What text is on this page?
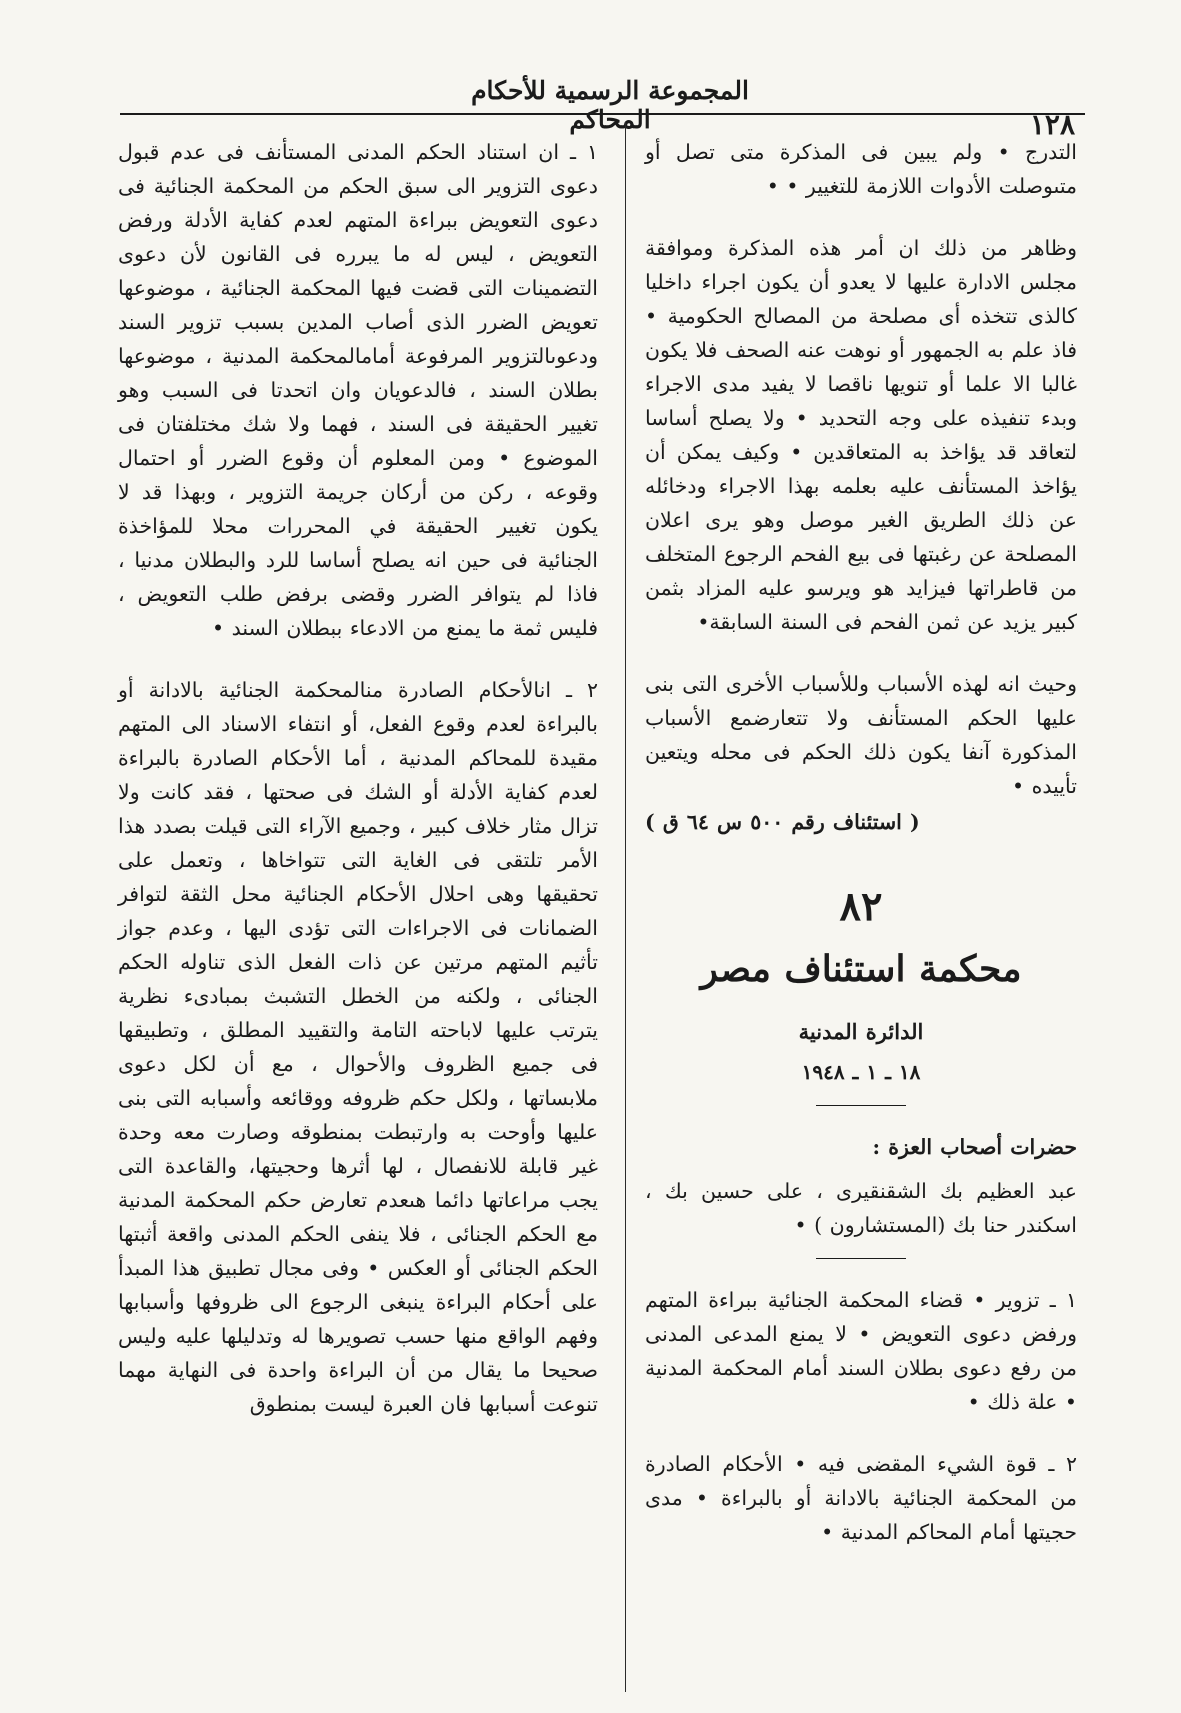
المجموعة الرسمية للأحكام المحاكم	١٢٨

التدرج • ولم يبين فى المذكرة متى تصل أو متىوصلت الأدوات اللازمة للتغيير • •

وظاهر من ذلك ان أمر هذه المذكرة وموافقة مجلس الادارة عليها لا يعدو أن يكون اجراء داخليا كالذى تتخذه أى مصلحة من المصالح الحكومية • فاذ علم به الجمهور أو نوهت عنه الصحف فلا يكون غالبا الا علما أو تنويها ناقصا لا يفيد مدى الاجراء وبدء تنفيذه على وجه التحديد • ولا يصلح أساسا لتعاقد قد يؤاخذ به المتعاقدين • وكيف يمكن أن يؤاخذ المستأنف عليه بعلمه بهذا الاجراء ودخائله عن ذلك الطريق الغير موصل وهو يرى اعلان المصلحة عن رغبتها فى بيع الفحم الرجوع المتخلف من قاطراتها فيزايد هو ويرسو عليه المزاد بثمن كبير يزيد عن ثمن الفحم فى السنة السابقة•

وحيث انه لهذه الأسباب وللأسباب الأخرى التى بنى عليها الحكم المستأنف ولا تتعارضمع الأسباب المذكورة آنفا يكون ذلك الحكم فى محله ويتعين تأييده •

( استئناف رقم ٥٠٠ س ٦٤ ق )

٨٢
محكمة استئناف مصر
الدائرة المدنية
١٨ ـ ١ ـ ١٩٤٨

حضرات أصحاب العزة :

عبد العظيم بك الشقنقيرى ، على حسين بك ، اسكندر حنا بك (المستشارون ) •

١ ـ تزوير • قضاء المحكمة الجنائية ببراءة المتهم ورفض دعوى التعويض • لا يمنع المدعى المدنى من رفع دعوى بطلان السند أمام المحكمة المدنية • علة ذلك •

٢ ـ قوة الشيء المقضى فيه • الأحكام الصادرة من المحكمة الجنائية بالادانة أو بالبراءة • مدى حجيتها أمام المحاكم المدنية •

١ ـ ان استناد الحكم المدنى المستأنف فى عدم قبول دعوى التزوير الى سبق الحكم من المحكمة الجنائية فى دعوى التعويض ببراءة المتهم لعدم كفاية الأدلة ورفض التعويض ، ليس له ما يبرره فى القانون لأن دعوى التضمينات التى قضت فيها المحكمة الجنائية ، موضوعها تعويض الضرر الذى أصاب المدين بسبب تزوير السند ودعوىالتزوير المرفوعة أمامالمحكمة المدنية ، موضوعها بطلان السند ، فالدعويان وان اتحدتا فى السبب وهو تغيير الحقيقة فى السند ، فهما ولا شك مختلفتان فى الموضوع • ومن المعلوم أن وقوع الضرر أو احتمال وقوعه ، ركن من أركان جريمة التزوير ، وبهذا قد لا يكون تغيير الحقيقة في المحررات محلا للمؤاخذة الجنائية فى حين انه يصلح أساسا للرد والبطلان مدنيا ، فاذا لم يتوافر الضرر وقضى برفض طلب التعويض ، فليس ثمة ما يمنع من الادعاء ببطلان السند •

٢ ـ انالأحكام الصادرة منالمحكمة الجنائية بالادانة أو بالبراءة لعدم وقوع الفعل، أو انتفاء الاسناد الى المتهم مقيدة للمحاكم المدنية ، أما الأحكام الصادرة بالبراءة لعدم كفاية الأدلة أو الشك فى صحتها ، فقد كانت ولا تزال مثار خلاف كبير ، وجميع الآراء التى قيلت بصدد هذا الأمر تلتقى فى الغاية التى تتواخاها ، وتعمل على تحقيقها وهى احلال الأحكام الجنائية محل الثقة لتوافر الضمانات فى الاجراءات التى تؤدى اليها ، وعدم جواز تأثيم المتهم مرتين عن ذات الفعل الذى تناوله الحكم الجنائى ، ولكنه من الخطل التشبث بمبادىء نظرية يترتب عليها لاباحته التامة والتقييد المطلق ، وتطبيقها فى جميع الظروف والأحوال ، مع أن لكل دعوى ملابساتها ، ولكل حكم ظروفه ووقائعه وأسبابه التى بنى عليها وأوحت به وارتبطت بمنطوقه وصارت معه وحدة غير قابلة للانفصال ، لها أثرها وحجيتها، والقاعدة التى يجب مراعاتها دائما هىعدم تعارض حكم المحكمة المدنية مع الحكم الجنائى ، فلا ينفى الحكم المدنى واقعة أثبتها الحكم الجنائى أو العكس • وفى مجال تطبيق هذا المبدأ على أحكام البراءة ينبغى الرجوع الى ظروفها وأسبابها وفهم الواقع منها حسب تصويرها له وتدليلها عليه وليس صحيحا ما يقال من أن البراءة واحدة فى النهاية مهما تنوعت أسبابها فان العبرة ليست بمنطوق
